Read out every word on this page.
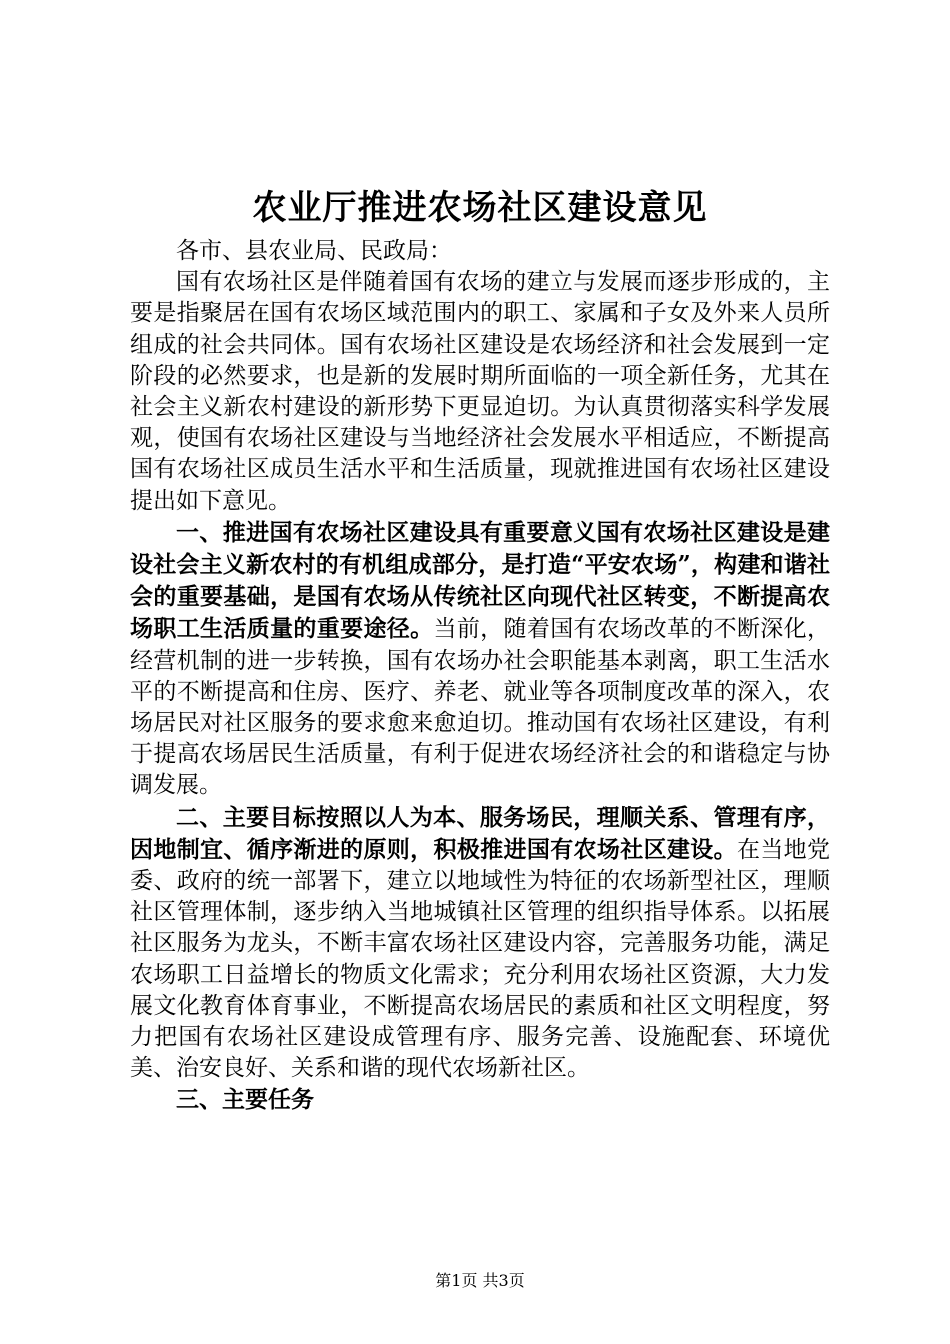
农业厅推进农场社区建设意见

各市、县农业局、民政局：

国有农场社区是伴随着国有农场的建立与发展而逐步形成的，主要是指聚居在国有农场区域范围内的职工、家属和子女及外来人员所组成的社会共同体。国有农场社区建设是农场经济和社会发展到一定阶段的必然要求，也是新的发展时期所面临的一项全新任务，尤其在社会主义新农村建设的新形势下更显迫切。为认真贯彻落实科学发展观，使国有农场社区建设与当地经济社会发展水平相适应，不断提高国有农场社区成员生活水平和生活质量，现就推进国有农场社区建设提出如下意见。

一、推进国有农场社区建设具有重要意义国有农场社区建设是建设社会主义新农村的有机组成部分，是打造“平安农场”，构建和谐社会的重要基础，是国有农场从传统社区向现代社区转变，不断提高农场职工生活质量的重要途径。当前，随着国有农场改革的不断深化，经营机制的进一步转换，国有农场办社会职能基本剥离，职工生活水平的不断提高和住房、医疗、养老、就业等各项制度改革的深入，农场居民对社区服务的要求愈来愈迫切。推动国有农场社区建设，有利于提高农场居民生活质量，有利于促进农场经济社会的和谐稳定与协调发展。

二、主要目标按照以人为本、服务场民，理顺关系、管理有序，因地制宜、循序渐进的原则，积极推进国有农场社区建设。在当地党委、政府的统一部署下，建立以地域性为特征的农场新型社区，理顺社区管理体制，逐步纳入当地城镇社区管理的组织指导体系。以拓展社区服务为龙头，不断丰富农场社区建设内容，完善服务功能，满足农场职工日益增长的物质文化需求；充分利用农场社区资源，大力发展文化教育体育事业，不断提高农场居民的素质和社区文明程度，努力把国有农场社区建设成管理有序、服务完善、设施配套、环境优美、治安良好、关系和谐的现代农场新社区。

三、主要任务

第1页 共3页
